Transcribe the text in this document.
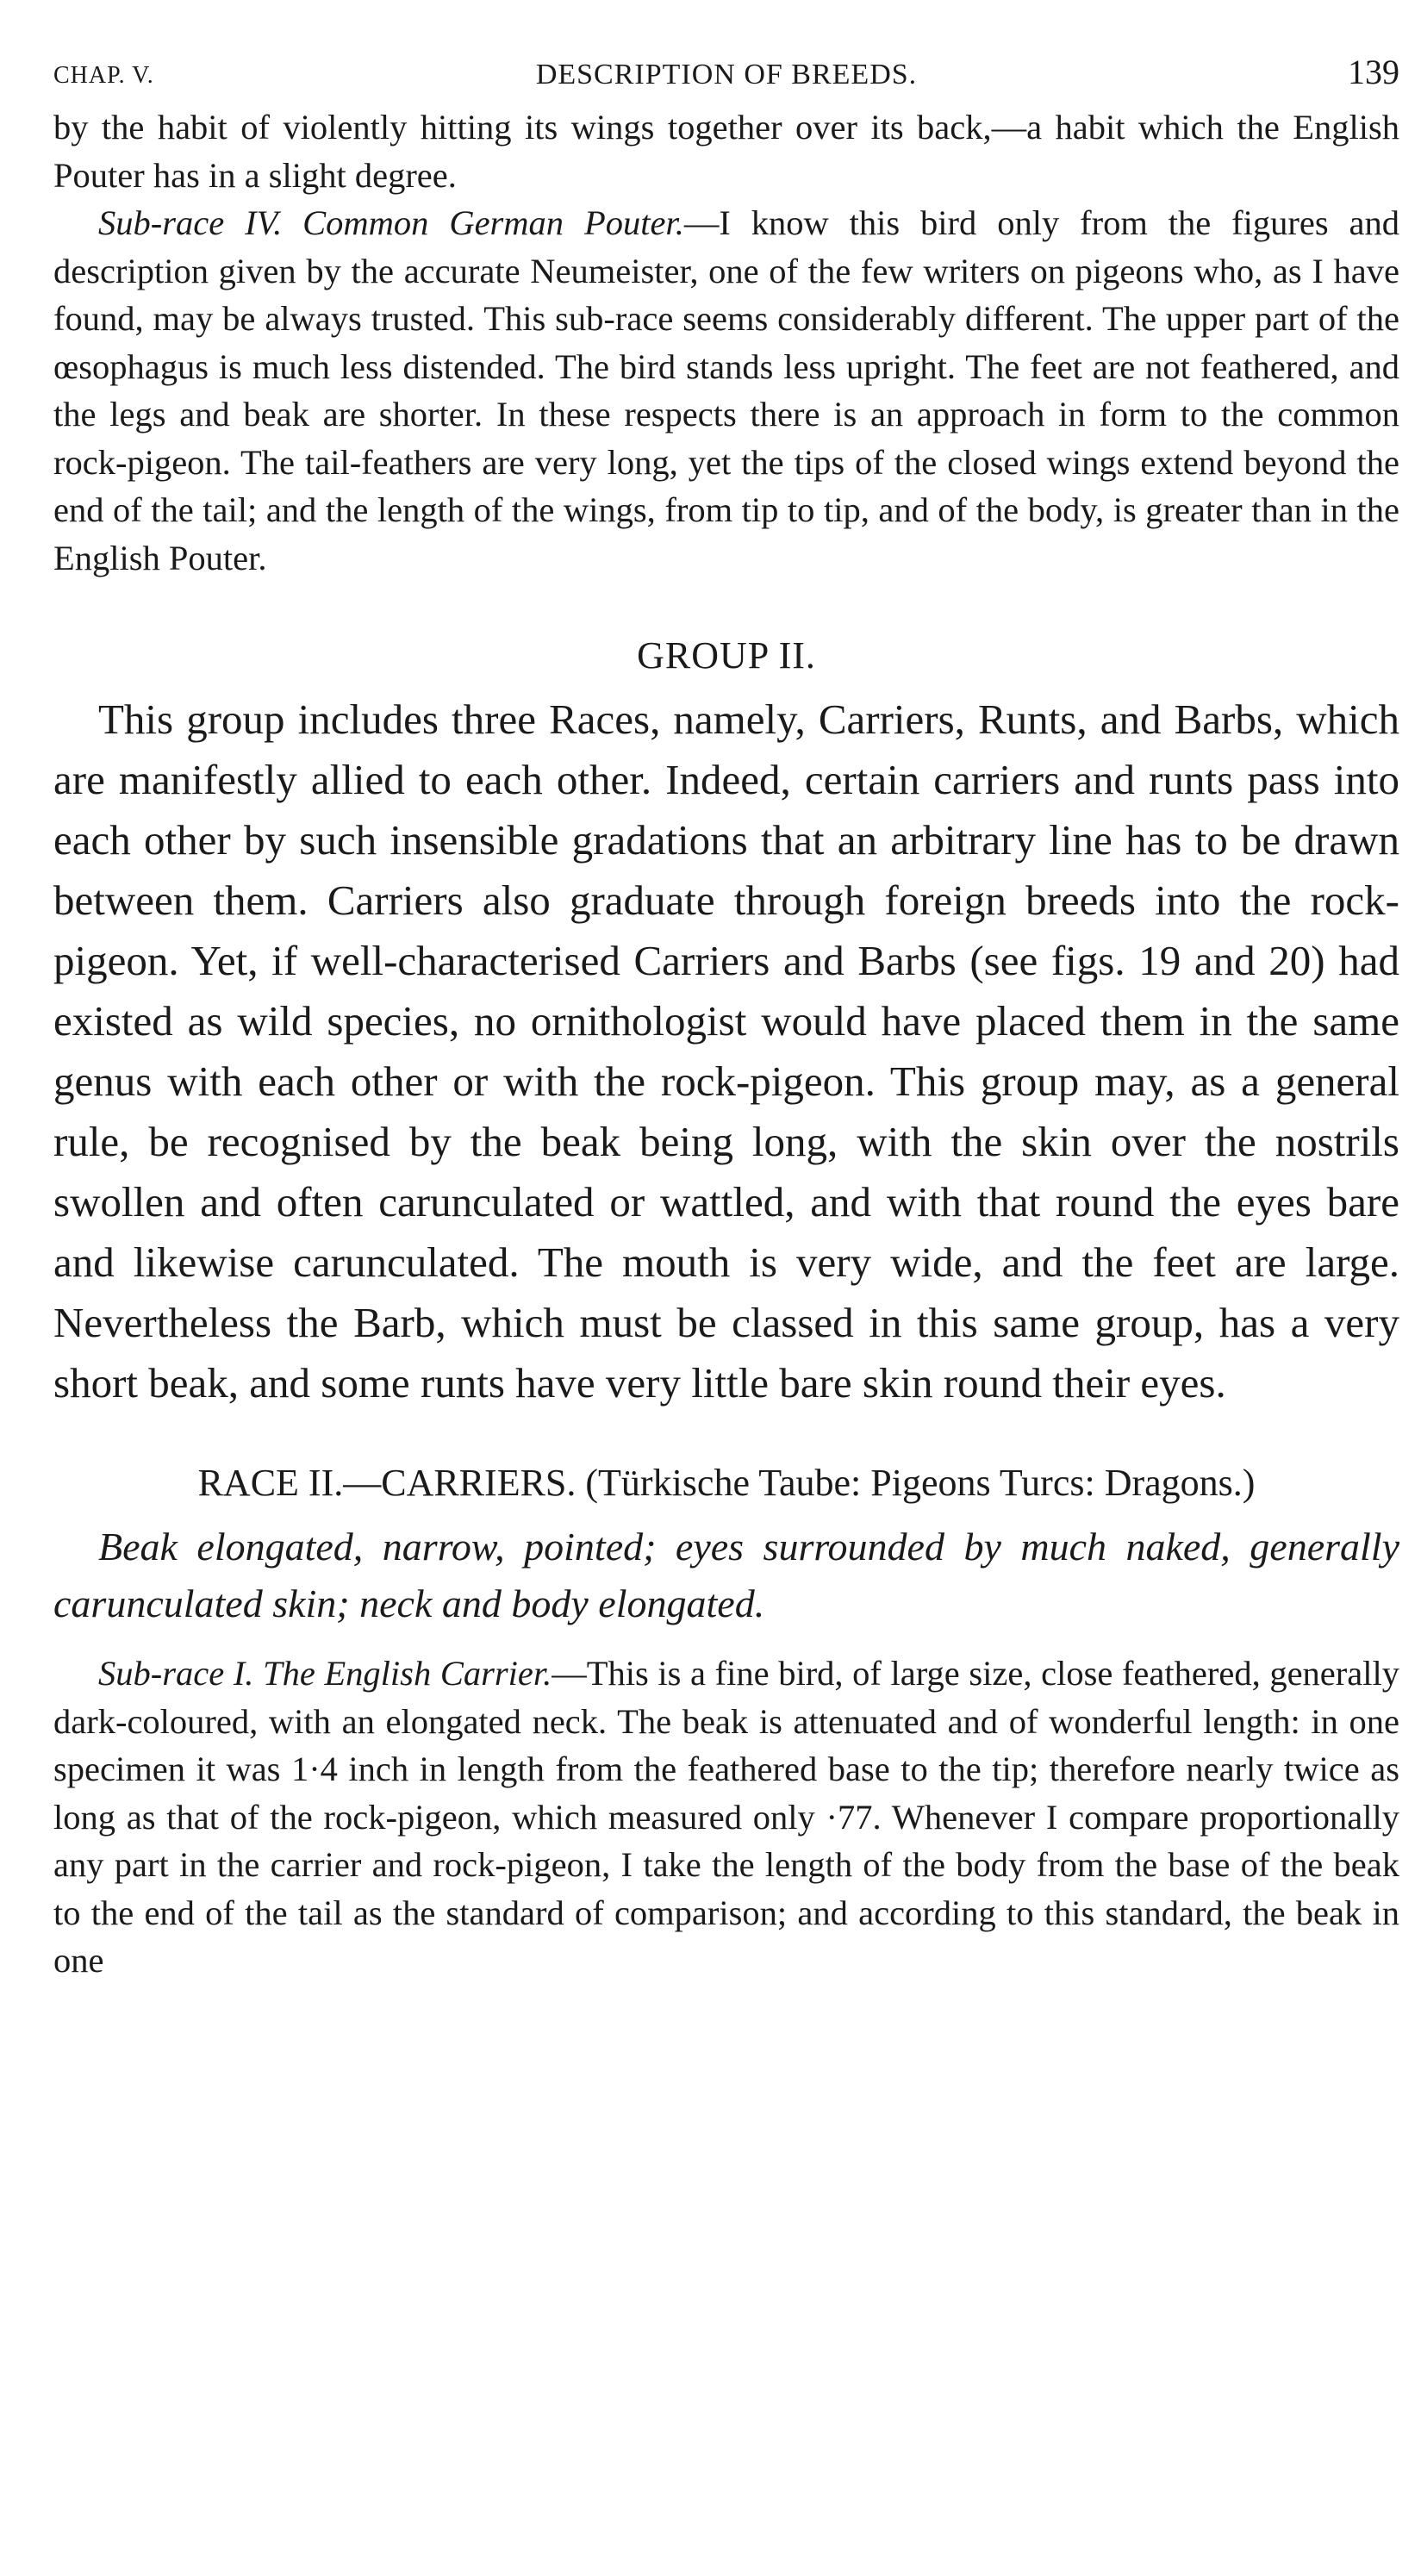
CHAP. V.	DESCRIPTION OF BREEDS.	139

by the habit of violently hitting its wings together over its back,—a habit which the English Pouter has in a slight degree.

Sub-race IV. Common German Pouter.—I know this bird only from the figures and description given by the accurate Neumeister, one of the few writers on pigeons who, as I have found, may be always trusted. This sub-race seems considerably different. The upper part of the œsophagus is much less distended. The bird stands less upright. The feet are not feathered, and the legs and beak are shorter. In these respects there is an approach in form to the common rock-pigeon. The tail-feathers are very long, yet the tips of the closed wings extend beyond the end of the tail; and the length of the wings, from tip to tip, and of the body, is greater than in the English Pouter.

GROUP II.

This group includes three Races, namely, Carriers, Runts, and Barbs, which are manifestly allied to each other. Indeed, certain carriers and runts pass into each other by such insensible gradations that an arbitrary line has to be drawn between them. Carriers also graduate through foreign breeds into the rock-pigeon. Yet, if well-characterised Carriers and Barbs (see figs. 19 and 20) had existed as wild species, no ornithologist would have placed them in the same genus with each other or with the rock-pigeon. This group may, as a general rule, be recognised by the beak being long, with the skin over the nostrils swollen and often carunculated or wattled, and with that round the eyes bare and likewise carunculated. The mouth is very wide, and the feet are large. Nevertheless the Barb, which must be classed in this same group, has a very short beak, and some runts have very little bare skin round their eyes.

RACE II.—CARRIERS. (Türkische Taube: Pigeons Turcs: Dragons.)

Beak elongated, narrow, pointed; eyes surrounded by much naked, generally carunculated skin; neck and body elongated.

Sub-race I. The English Carrier.—This is a fine bird, of large size, close feathered, generally dark-coloured, with an elongated neck. The beak is attenuated and of wonderful length: in one specimen it was 1·4 inch in length from the feathered base to the tip; therefore nearly twice as long as that of the rock-pigeon, which measured only ·77. Whenever I compare proportionally any part in the carrier and rock-pigeon, I take the length of the body from the base of the beak to the end of the tail as the standard of comparison; and according to this standard, the beak in one
